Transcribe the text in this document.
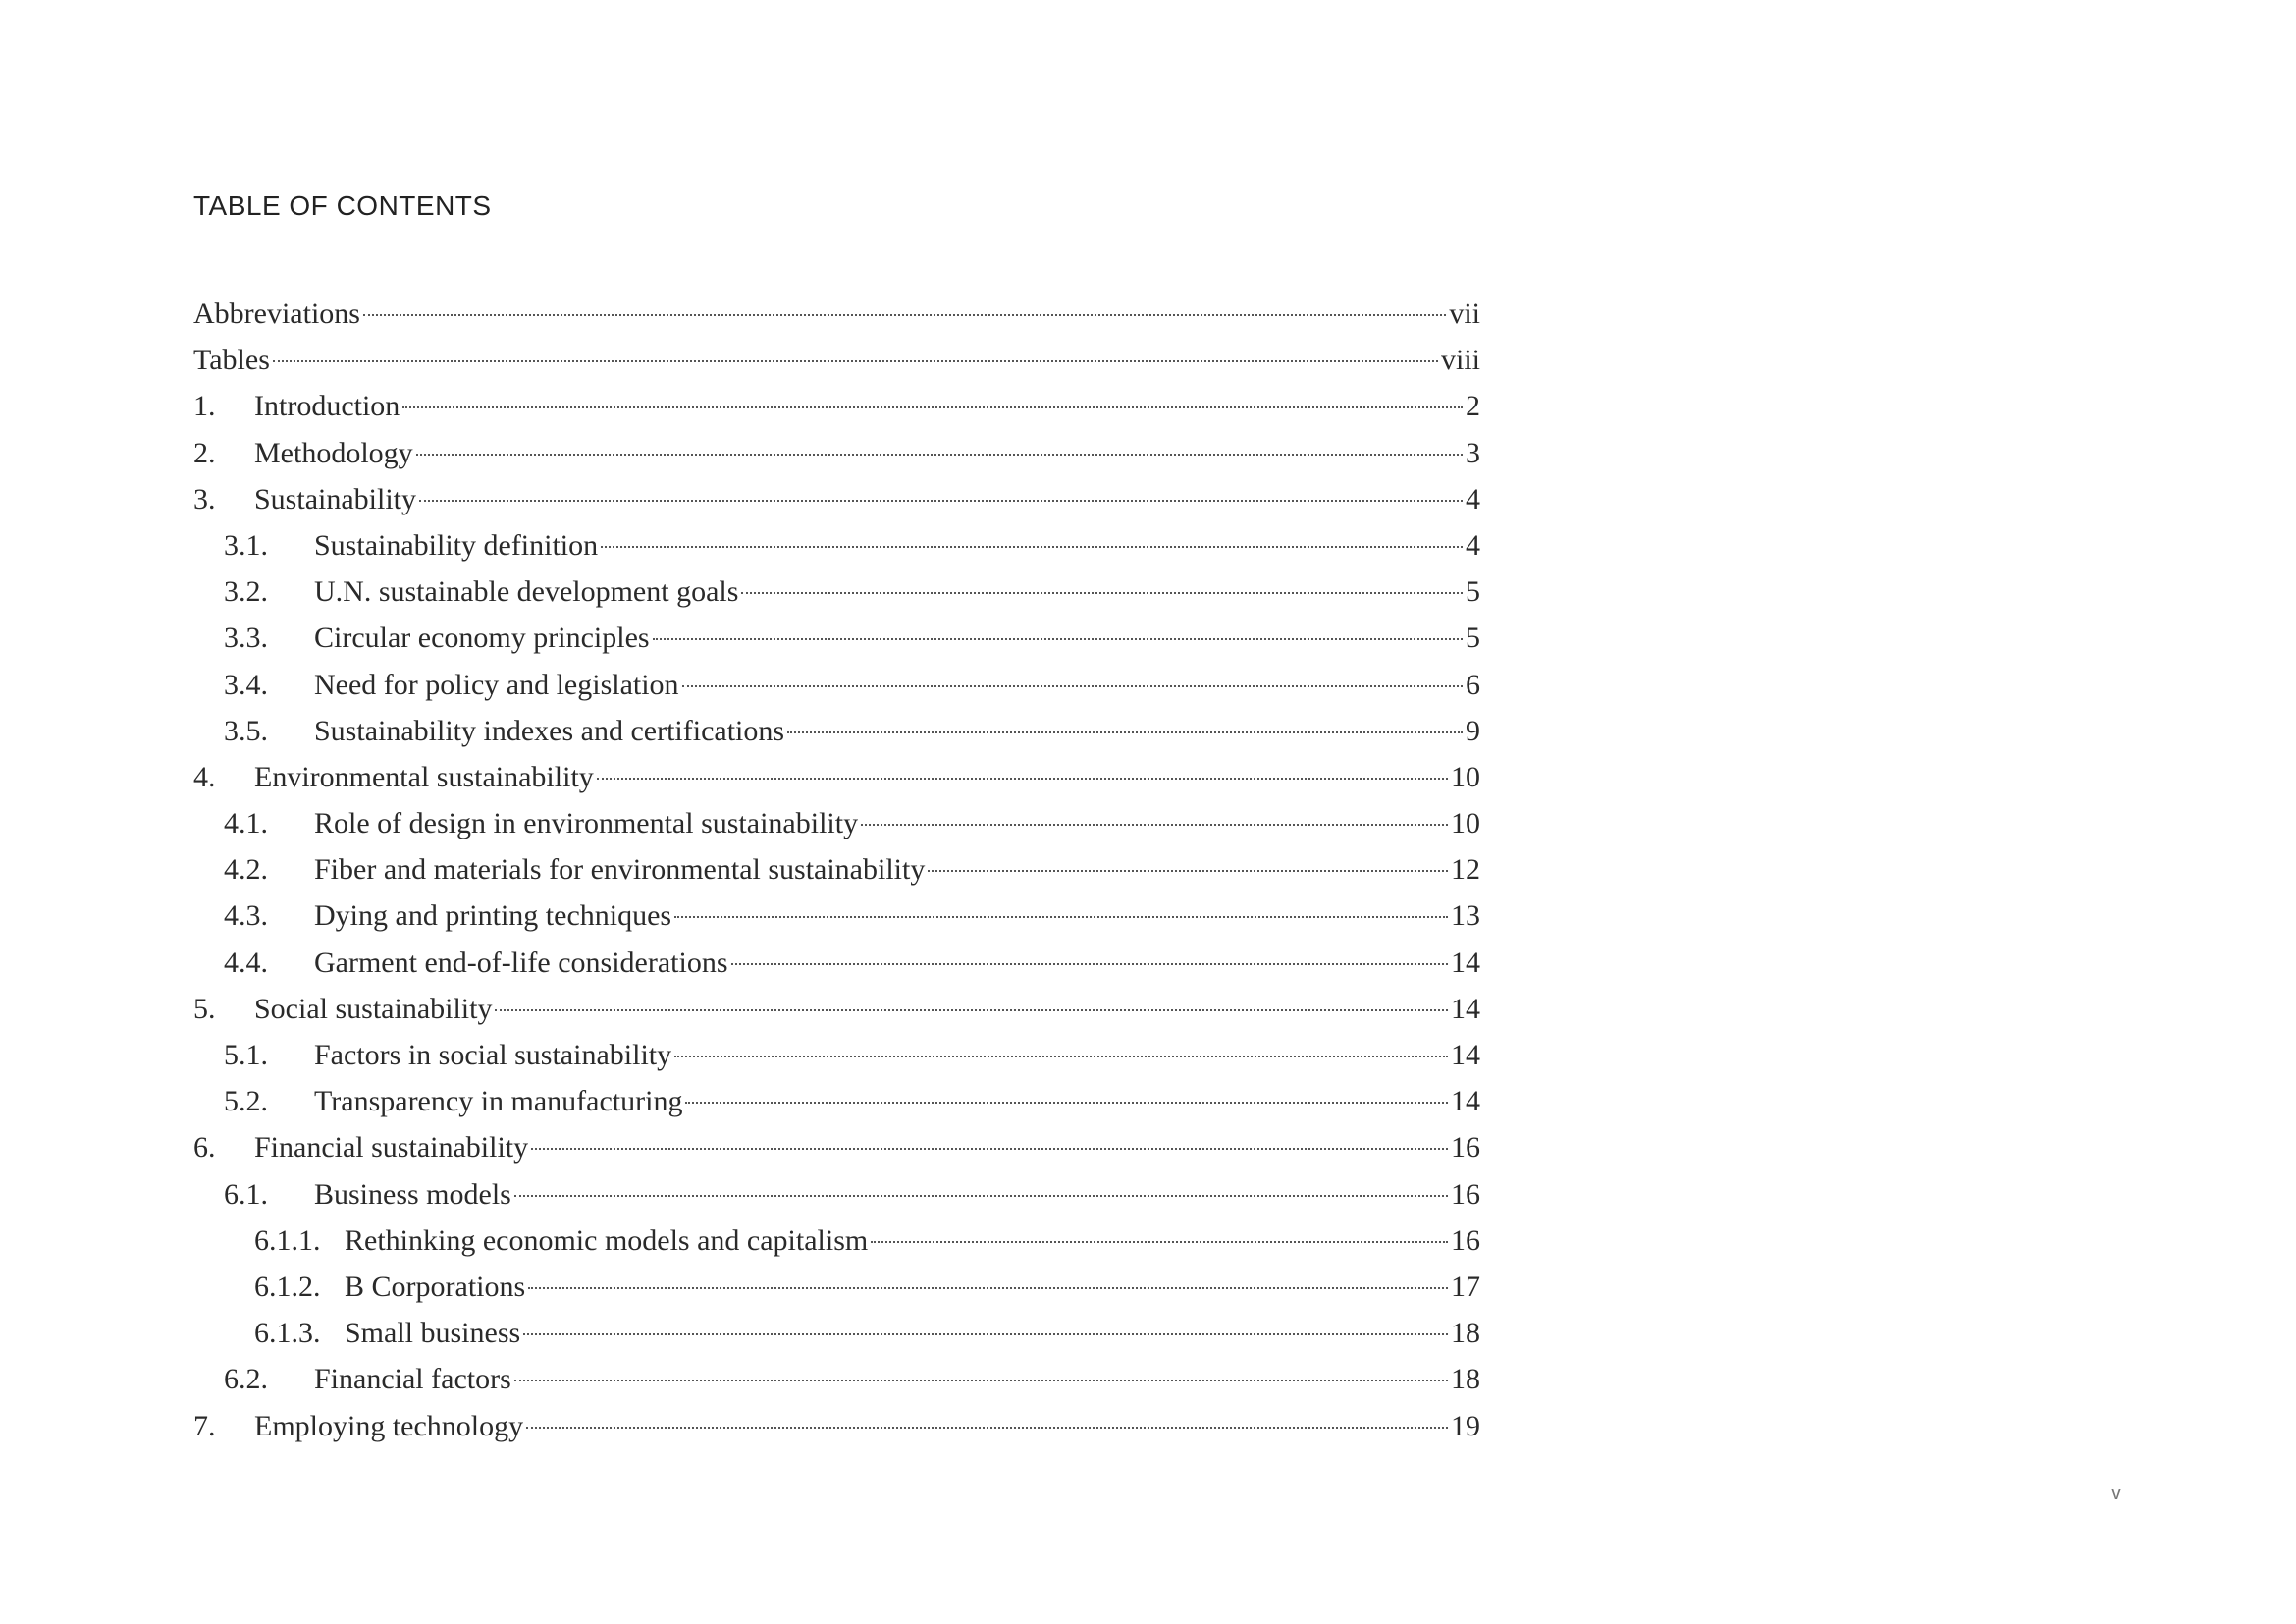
TABLE OF CONTENTS
Abbreviations	vii
Tables	viii
1.	Introduction	2
2.	Methodology	3
3.	Sustainability	4
3.1.	Sustainability definition	4
3.2.	U.N. sustainable development goals	5
3.3.	Circular economy principles	5
3.4.	Need for policy and legislation	6
3.5.	Sustainability indexes and certifications	9
4.	Environmental sustainability	10
4.1.	Role of design in environmental sustainability	10
4.2.	Fiber and materials for environmental sustainability	12
4.3.	Dying and printing techniques	13
4.4.	Garment end-of-life considerations	14
5.	Social sustainability	14
5.1.	Factors in social sustainability	14
5.2.	Transparency in manufacturing	14
6.	Financial sustainability	16
6.1.	Business models	16
6.1.1. Rethinking economic models and capitalism	16
6.1.2. B Corporations	17
6.1.3. Small business	18
6.2.	Financial factors	18
7.	Employing technology	19
v
